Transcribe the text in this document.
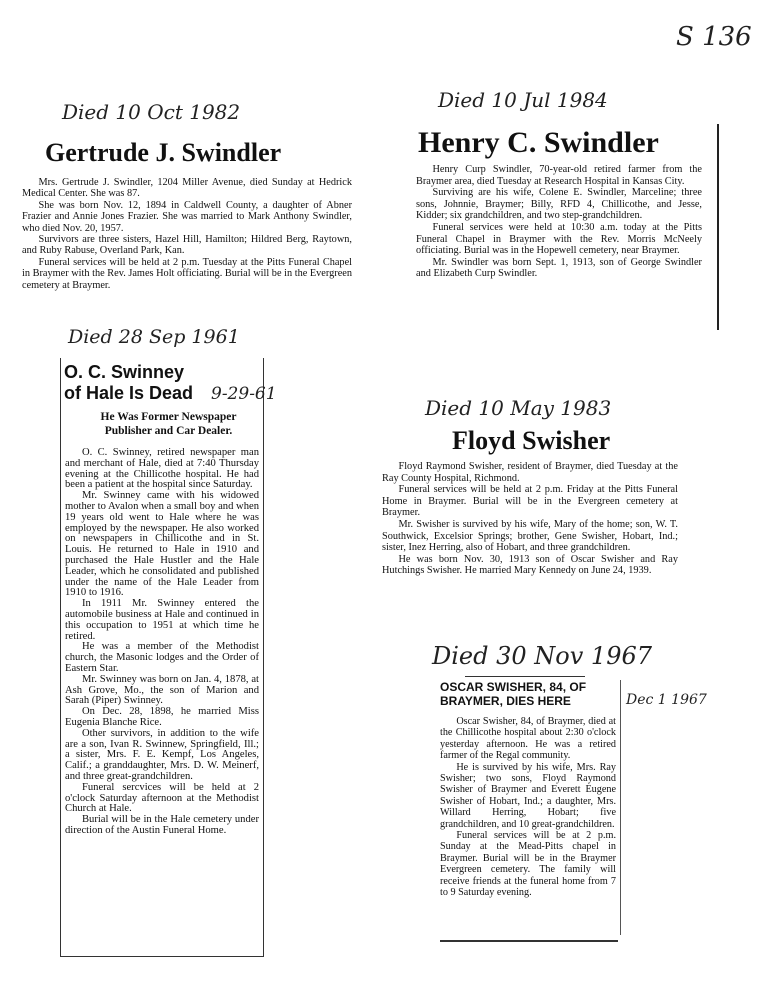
S 136
Died 10 Oct 1982
Gertrude J. Swindler

Mrs. Gertrude J. Swindler, 1204 Miller Avenue, died Sunday at Hedrick Medical Center. She was 87.

She was born Nov. 12, 1894 in Caldwell County, a daughter of Abner Frazier and Annie Jones Frazier. She was married to Mark Anthony Swindler, who died Nov. 20, 1957.

Survivors are three sisters, Hazel Hill, Hamilton; Hildred Berg, Raytown, and Ruby Rabuse, Overland Park, Kan.

Funeral services will be held at 2 p.m. Tuesday at the Pitts Funeral Chapel in Braymer with the Rev. James Holt officiating. Burial will be in the Evergreen cemetery at Braymer.

Died 10 Jul 1984
Henry C. Swindler

Henry Curp Swindler, 70-year-old retired farmer from the Braymer area, died Tuesday at Research Hospital in Kansas City.

Surviving are his wife, Colene E. Swindler, Marceline; three sons, Johnnie, Braymer; Billy, RFD 4, Chillicothe, and Jesse, Kidder; six grandchildren, and two step-grandchildren.

Funeral services were held at 10:30 a.m. today at the Pitts Funeral Chapel in Braymer with the Rev. Morris McNeely officiating. Burial was in the Hopewell cemetery, near Braymer.

Mr. Swindler was born Sept. 1, 1913, son of George Swindler and Elizabeth Curp Swindler.

Died 28 Sep 1961
O. C. Swinney
of Hale Is Dead 9-29-61
He Was Former Newspaper Publisher and Car Dealer.

O. C. Swinney, retired newspaper man and merchant of Hale, died at 7:40 Thursday evening at the Chillicothe hospital. He had been a patient at the hospital since Saturday.

Mr. Swinney came with his widowed mother to Avalon when a small boy and when 19 years old went to Hale where he was employed by the newspaper. He also worked on newspapers in Chillicothe and in St. Louis. He returned to Hale in 1910 and purchased the Hale Hustler and the Hale Leader, which he consolidated and published under the name of the Hale Leader from 1910 to 1916.

In 1911 Mr. Swinney entered the automobile business at Hale and continued in this occupation to 1951 at which time he retired.

He was a member of the Methodist church, the Masonic lodges and the Order of Eastern Star.

Mr. Swinney was born on Jan. 4, 1878, at Ash Grove, Mo., the son of Marion and Sarah (Piper) Swinney.

On Dec. 28, 1898, he married Miss Eugenia Blanche Rice.

Other survivors, in addition to the wife are a son, Ivan R. Swinnew, Springfield, Ill.; a sister, Mrs. F. E. Kempf, Los Angeles, Calif.; a granddaughter, Mrs. D. W. Meinerf, and three great-grandchildren.

Funeral sercvices will be held at 2 o'clock Saturday afternoon at the Methodist Church at Hale.

Burial will be in the Hale cemetery under direction of the Austin Funeral Home.

Died 10 May 1983
Floyd Swisher

Floyd Raymond Swisher, resident of Braymer, died Tuesday at the Ray County Hospital, Richmond.

Funeral services will be held at 2 p.m. Friday at the Pitts Funeral Home in Braymer. Burial will be in the Evergreen cemetery at Braymer.

Mr. Swisher is survived by his wife, Mary of the home; son, W. T. Southwick, Excelsior Springs; brother, Gene Swisher, Hobart, Ind.; sister, Inez Herring, also of Hobart, and three grandchildren.

He was born Nov. 30, 1913 son of Oscar Swisher and Ray Hutchings Swisher. He married Mary Kennedy on June 24, 1939.

Died 30 Nov 1967
OSCAR SWISHER, 84, OF BRAYMER, DIES HERE	Dec 1 1967

Oscar Swisher, 84, of Braymer, died at the Chillicothe hospital about 2:30 o'clock yesterday afternoon. He was a retired farmer of the Regal community.

He is survived by his wife, Mrs. Ray Swisher; two sons, Floyd Raymond Swisher of Braymer and Everett Eugene Swisher of Hobart, Ind.; a daughter, Mrs. Willard Herring, Hobart; five grandchildren, and 10 great-grandchildren.

Funeral services will be at 2 p.m. Sunday at the Mead-Pitts chapel in Braymer. Burial will be in the Braymer Evergreen cemetery. The family will receive friends at the funeral home from 7 to 9 Saturday evening.
